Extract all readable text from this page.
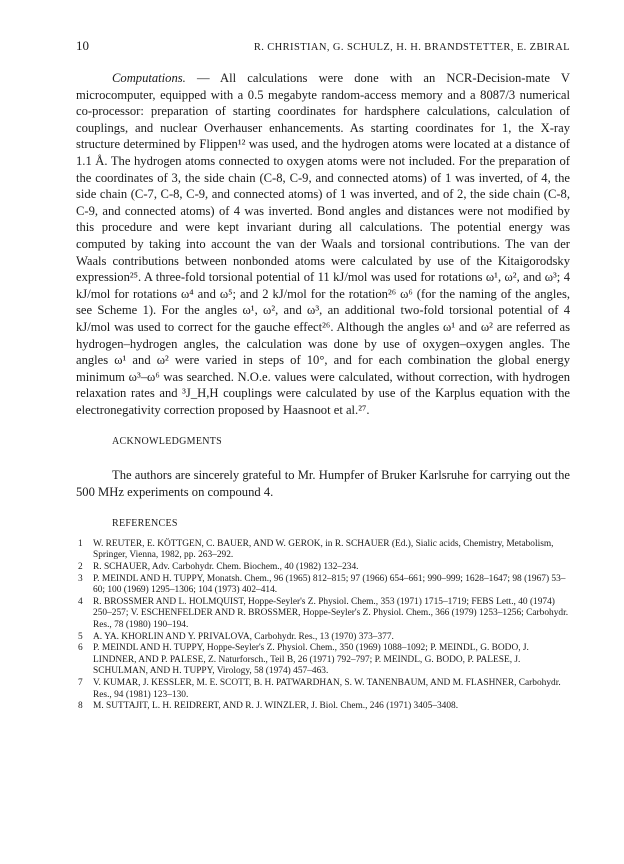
10	R. CHRISTIAN, G. SCHULZ, H. H. BRANDSTETTER, E. ZBIRAL

Computations. — All calculations were done with an NCR-Decision-mate V microcomputer, equipped with a 0.5 megabyte random-access memory and a 8087/3 numerical co-processor: preparation of starting coordinates for hardsphere calculations, calculation of couplings, and nuclear Overhauser enhancements. As starting coordinates for 1, the X-ray structure determined by Flippen¹² was used, and the hydrogen atoms were located at a distance of 1.1 Å. The hydrogen atoms connected to oxygen atoms were not included. For the preparation of the coordinates of 3, the side chain (C-8, C-9, and connected atoms) of 1 was inverted, of 4, the side chain (C-7, C-8, C-9, and connected atoms) of 1 was inverted, and of 2, the side chain (C-8, C-9, and connected atoms) of 4 was inverted. Bond angles and distances were not modified by this procedure and were kept invariant during all calculations. The potential energy was computed by taking into account the van der Waals and torsional contributions. The van der Waals contributions between nonbonded atoms were calculated by use of the Kitaigorodsky expression²⁵. A three-fold torsional potential of 11 kJ/mol was used for rotations ω¹, ω², and ω³; 4 kJ/mol for rotations ω⁴ and ω⁵; and 2 kJ/mol for the rotation²⁶ ω⁶ (for the naming of the angles, see Scheme 1). For the angles ω¹, ω², and ω³, an additional two-fold torsional potential of 4 kJ/mol was used to correct for the gauche effect²⁶. Although the angles ω¹ and ω² are referred as hydrogen–hydrogen angles, the calculation was done by use of oxygen–oxygen angles. The angles ω¹ and ω² were varied in steps of 10°, and for each combination the global energy minimum ω³–ω⁶ was searched. N.O.e. values were calculated, without correction, with hydrogen relaxation rates and ³J_H,H couplings were calculated by use of the Karplus equation with the electronegativity correction proposed by Haasnoot et al.²⁷.

ACKNOWLEDGMENTS

The authors are sincerely grateful to Mr. Humpfer of Bruker Karlsruhe for carrying out the 500 MHz experiments on compound 4.

REFERENCES

1	W. REUTER, E. KÖTTGEN, C. BAUER, AND W. GEROK, in R. SCHAUER (Ed.), Sialic acids, Chemistry, Metabolism, Springer, Vienna, 1982, pp. 263–292.
2	R. SCHAUER, Adv. Carbohydr. Chem. Biochem., 40 (1982) 132–234.
3	P. MEINDL AND H. TUPPY, Monatsh. Chem., 96 (1965) 812–815; 97 (1966) 654–661; 990–999; 1628–1647; 98 (1967) 53–60; 100 (1969) 1295–1306; 104 (1973) 402–414.
4	R. BROSSMER AND L. HOLMQUIST, Hoppe-Seyler's Z. Physiol. Chem., 353 (1971) 1715–1719; FEBS Lett., 40 (1974) 250–257; V. ESCHENFELDER AND R. BROSSMER, Hoppe-Seyler's Z. Physiol. Chem., 366 (1979) 1253–1256; Carbohydr. Res., 78 (1980) 190–194.
5	A. YA. KHORLIN AND Y. PRIVALOVA, Carbohydr. Res., 13 (1970) 373–377.
6	P. MEINDL AND H. TUPPY, Hoppe-Seyler's Z. Physiol. Chem., 350 (1969) 1088–1092; P. MEINDL, G. BODO, J. LINDNER, AND P. PALESE, Z. Naturforsch., Teil B, 26 (1971) 792–797; P. MEINDL, G. BODO, P. PALESE, J. SCHULMAN, AND H. TUPPY, Virology, 58 (1974) 457–463.
7	V. KUMAR, J. KESSLER, M. E. SCOTT, B. H. PATWARDHAN, S. W. TANENBAUM, AND M. FLASHNER, Carbohydr. Res., 94 (1981) 123–130.
8	M. SUTTAJIT, L. H. REIDRERT, AND R. J. WINZLER, J. Biol. Chem., 246 (1971) 3405–3408.
